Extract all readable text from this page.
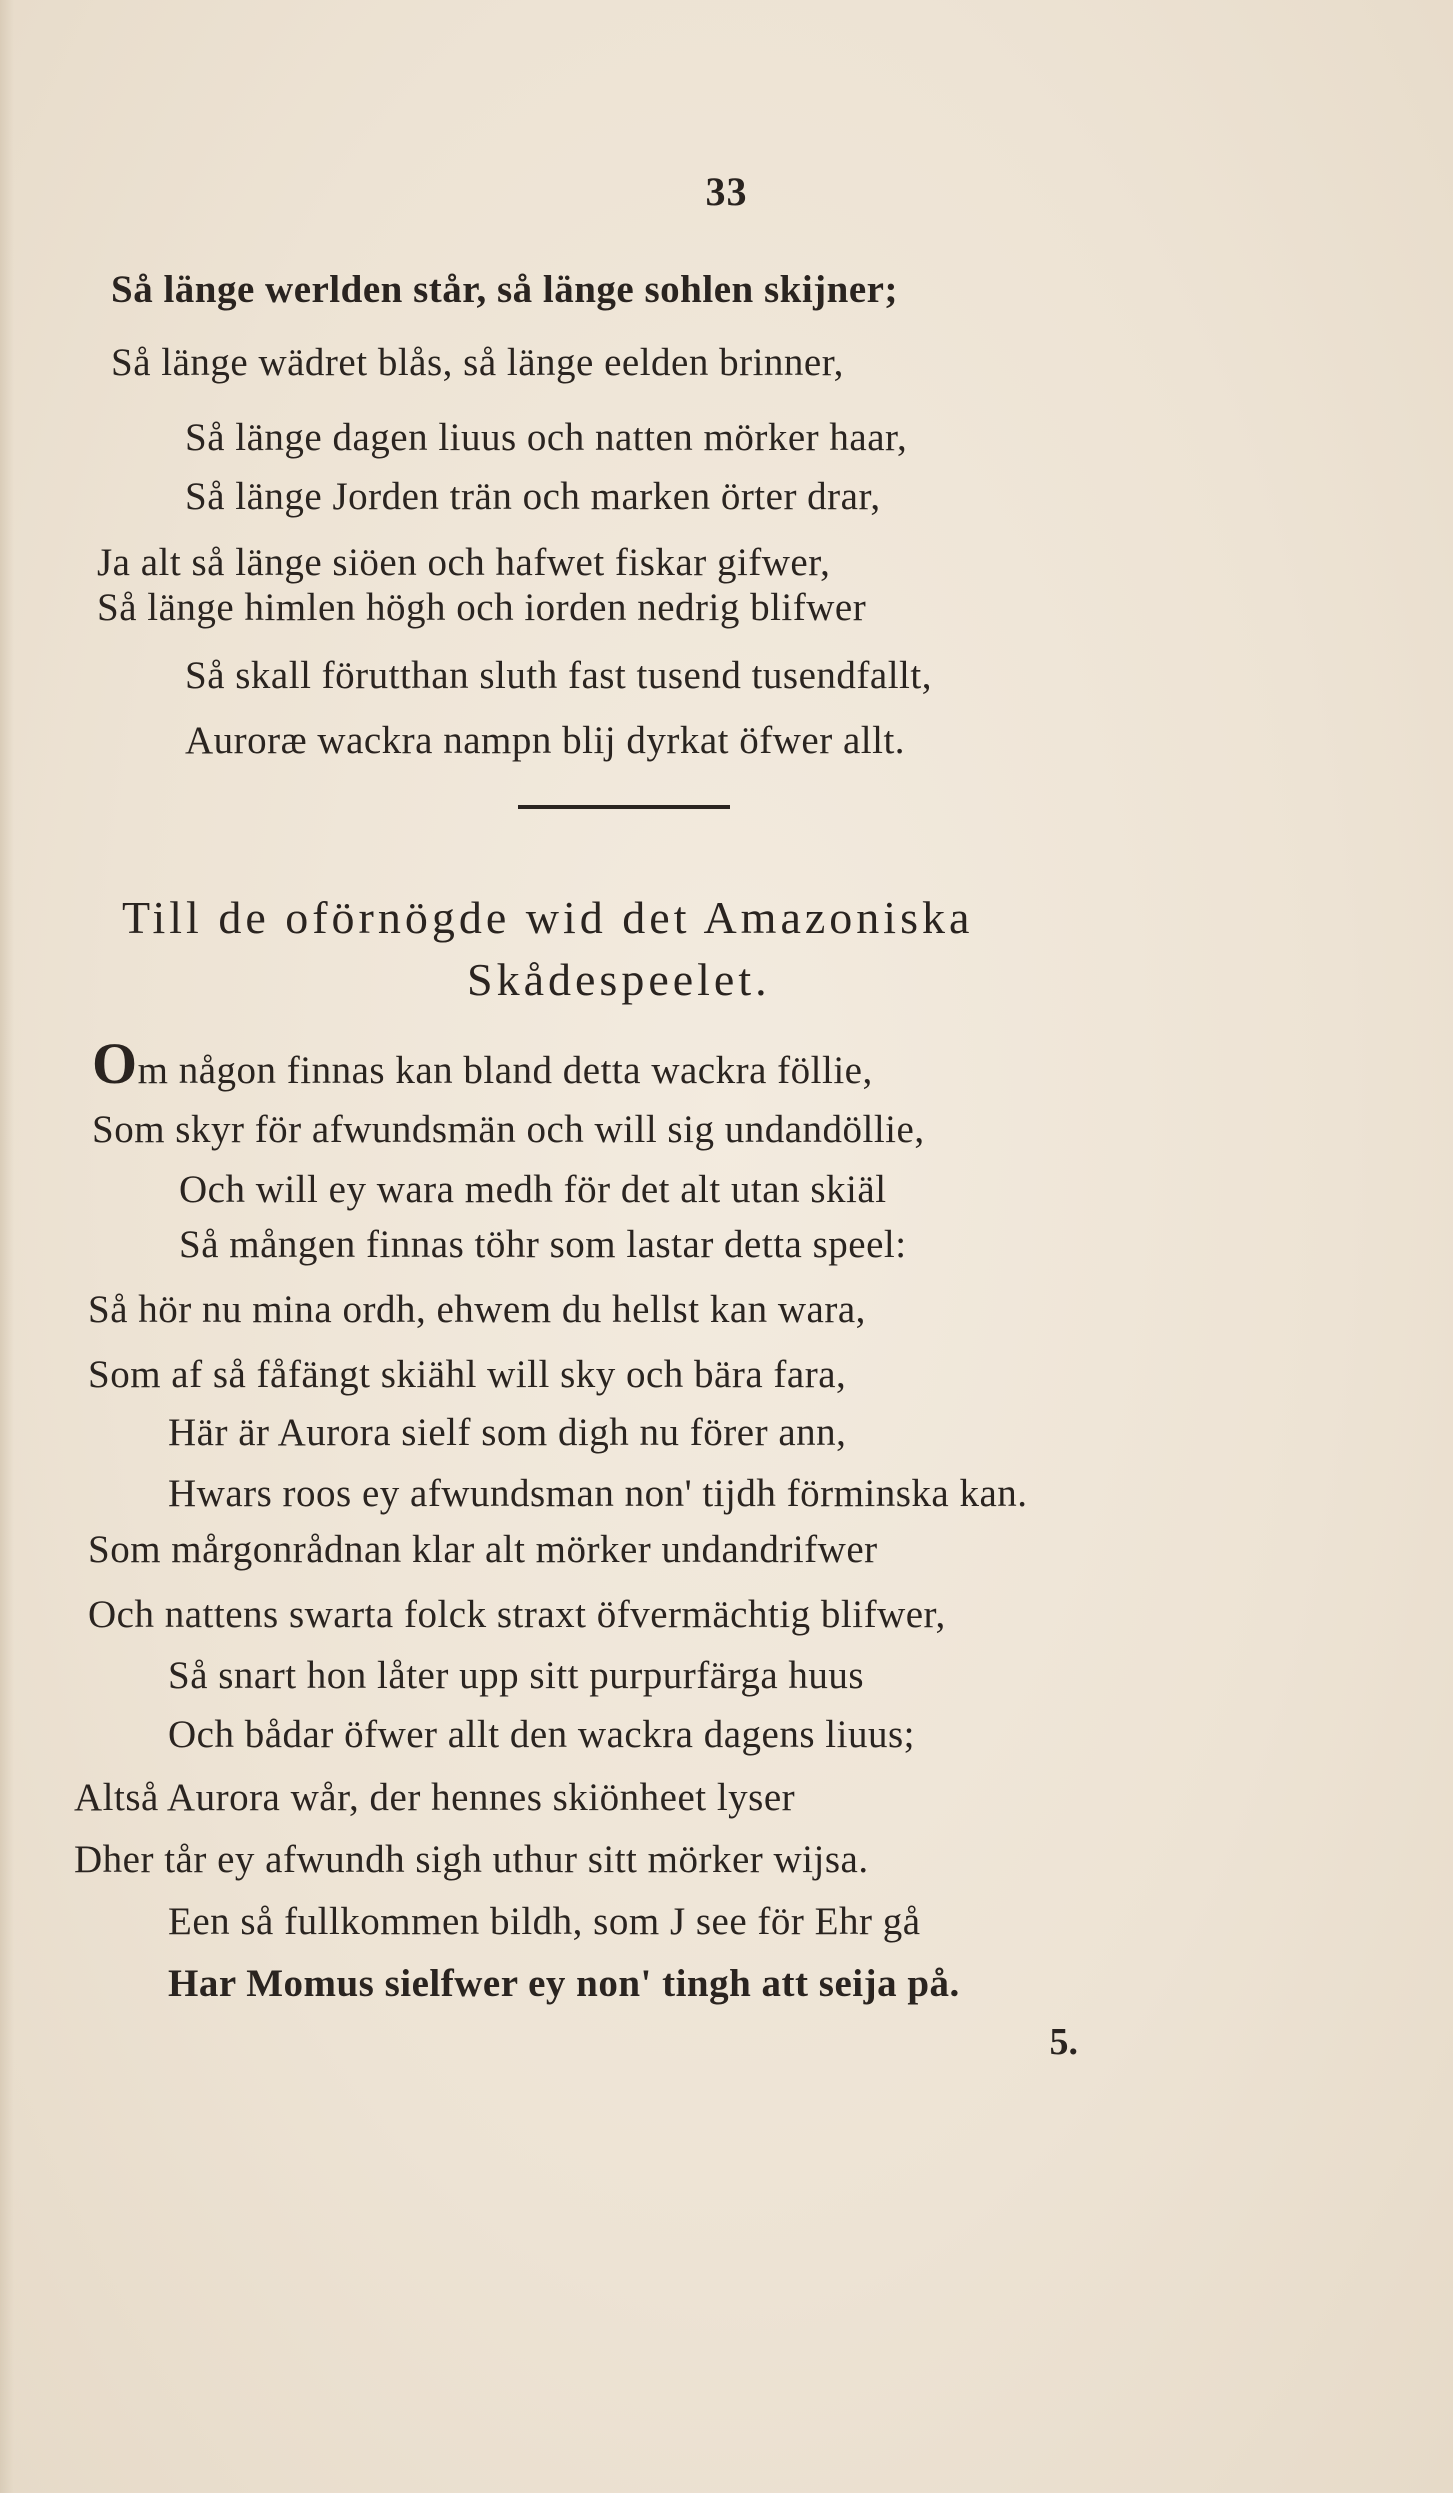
33
Så länge werlden står, så länge sohlen skijner;
Så länge wädret blås, så länge eelden brinner,
Så länge dagen liuus och natten mörker haar,
Så länge Jorden trän och marken örter drar,
Ja alt så länge siöen och hafwet fiskar gifwer,
Så länge himlen högh och iorden nedrig blifwer
Så skall förutthan sluth fast tusend tusendfallt,
Auroræ wackra nampn blij dyrkat öfwer allt.
Till de oförnögde wid det Amazoniska
Skådespeelet.
Om någon finnas kan bland detta wackra föllie,
Som skyr för afwundsmän och will sig undandöllie,
Och will ey wara medh för det alt utan skiäl
Så mången finnas töhr som lastar detta speel:
Så hör nu mina ordh, ehwem du hellst kan wara,
Som af så fåfängt skiähl will sky och bära fara,
Här är Aurora sielf som digh nu förer ann,
Hwars roos ey afwundsman non' tijdh förminska kan.
Som mårgonrådnan klar alt mörker undandrifwer
Och nattens swarta folck straxt öfvermächtig blifwer,
Så snart hon låter upp sitt purpurfärga huus
Och bådar öfwer allt den wackra dagens liuus;
Altså Aurora wår, der hennes skiönheet lyser
Dher tår ey afwundh sigh uthur sitt mörker wijsa.
Een så fullkommen bildh, som J see för Ehr gå
Har Momus sielfwer ey non' tingh att seija på.
5.
